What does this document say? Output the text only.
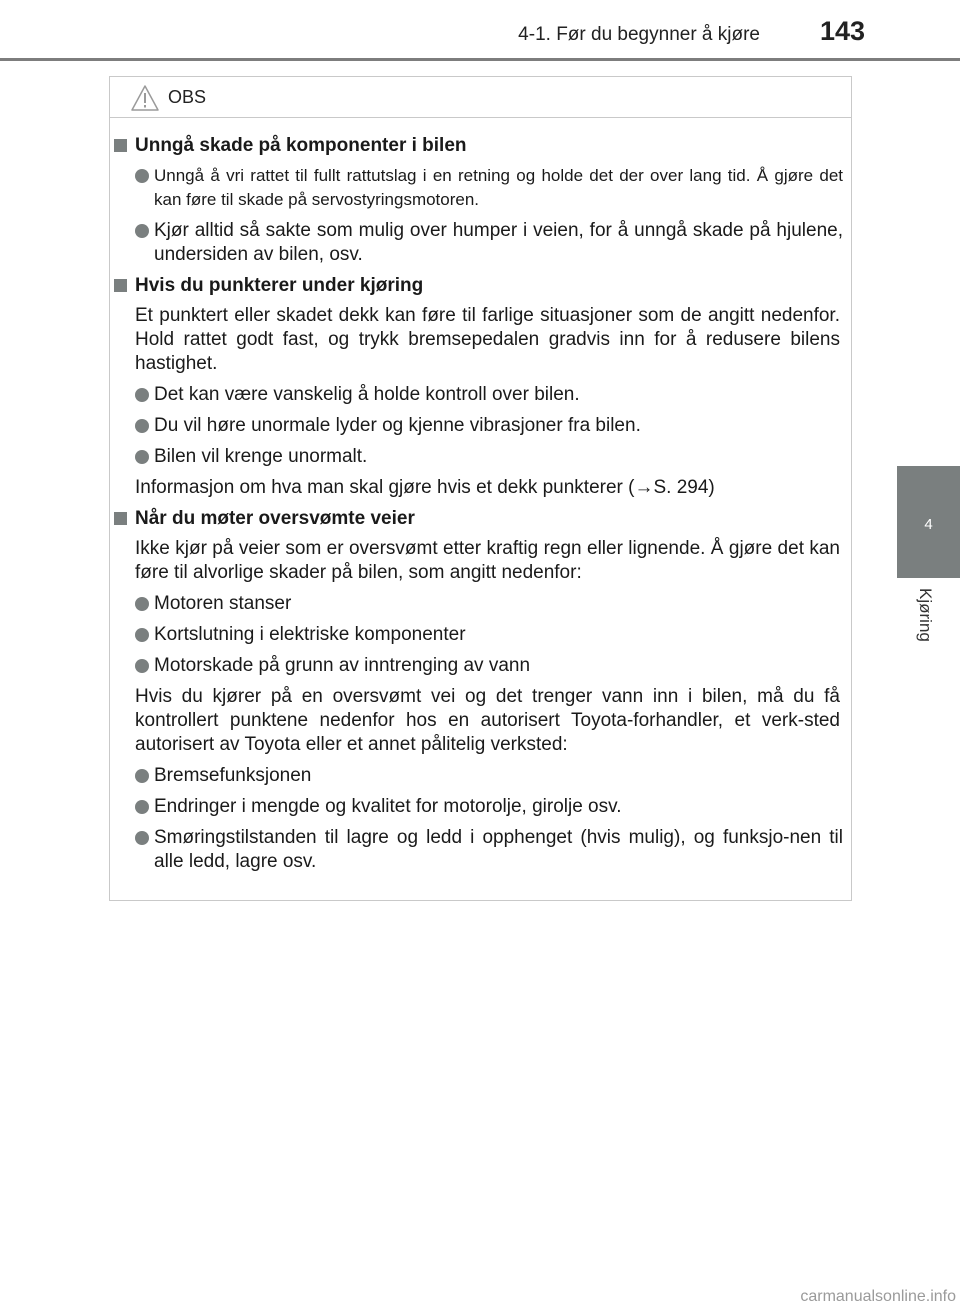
4-1. Før du begynner å kjøre 143
4
Kjøring
OBS
Unngå skade på komponenter i bilen
Unngå å vri rattet til fullt rattutslag i en retning og holde det der over lang tid. Å gjøre det kan føre til skade på servostyringsmotoren.
Kjør alltid så sakte som mulig over humper i veien, for å unngå skade på hjulene, undersiden av bilen, osv.
Hvis du punkterer under kjøring
Et punktert eller skadet dekk kan føre til farlige situasjoner som de angitt nedenfor. Hold rattet godt fast, og trykk bremsepedalen gradvis inn for å redusere bilens hastighet.
Det kan være vanskelig å holde kontroll over bilen.
Du vil høre unormale lyder og kjenne vibrasjoner fra bilen.
Bilen vil krenge unormalt.
Informasjon om hva man skal gjøre hvis et dekk punkterer (→S. 294)
Når du møter oversvømte veier
Ikke kjør på veier som er oversvømt etter kraftig regn eller lignende. Å gjøre det kan føre til alvorlige skader på bilen, som angitt nedenfor:
Motoren stanser
Kortslutning i elektriske komponenter
Motorskade på grunn av inntrenging av vann
Hvis du kjører på en oversvømt vei og det trenger vann inn i bilen, må du få kontrollert punktene nedenfor hos en autorisert Toyota-forhandler, et verk-sted autorisert av Toyota eller et annet pålitelig verksted:
Bremsefunksjonen
Endringer i mengde og kvalitet for motorolje, girolje osv.
Smøringstilstanden til lagre og ledd i opphenget (hvis mulig), og funksjo-nen til alle ledd, lagre osv.
carmanualsonline.info
